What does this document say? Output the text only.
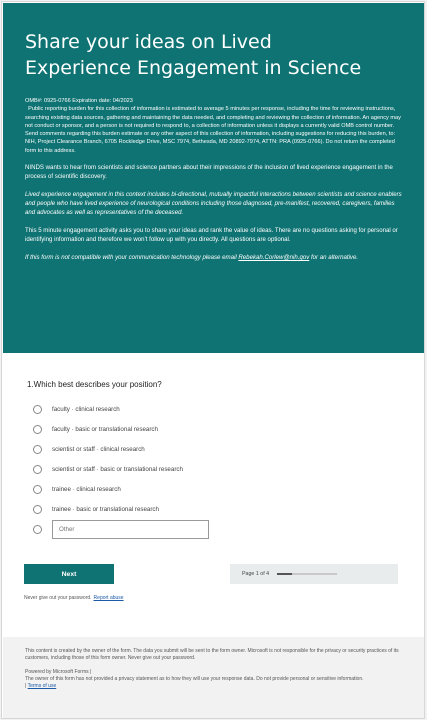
Share your ideas on Lived Experience Engagement in Science
OMB#: 0925-0766 Expiration date: 04/2023
Public reporting burden for this collection of information is estimated to average 5 minutes per response, including the time for reviewing instructions, searching existing data sources, gathering and maintaining the data needed, and completing and reviewing the collection of information. An agency may not conduct or sponsor, and a person is not required to respond to, a collection of information unless it displays a currently valid OMB control number. Send comments regarding this burden estimate or any other aspect of this collection of information, including suggestions for reducing this burden, to: NIH, Project Clearance Branch, 6705 Rockledge Drive, MSC 7974, Bethesda, MD 20892-7974, ATTN: PRA (0925-0766). Do not return the completed form to this address.

NINDS wants to hear from scientists and science partners about their impressions of the inclusion of lived experience engagement in the process of scientific discovery.

Lived experience engagement in this context includes bi-directional, mutually impactful interactions between scientists and science enablers and people who have lived experience of neurological conditions including those diagnosed, pre-manifest, recovered, caregivers, families and advocates as well as representatives of the deceased.

This 5 minute engagement activity asks you to share your ideas and rank the value of ideas. There are no questions asking for personal or identifying information and therefore we won't follow up with you directly. All questions are optional.

If this form is not compatible with your communication technology please email Rebekah.Corlew@nih.gov for an alternative.

1.Which best describes your position?
faculty · clinical research
faculty · basic or translational research
scientist or staff · clinical research
scientist or staff · basic or translational research
trainee · clinical research
trainee · basic or translational research
Other
Next	Page 1 of 4
Never give out your password. Report abuse
This content is created by the owner of the form. The data you submit will be sent to the form owner. Microsoft is not responsible for the privacy or security practices of its customers, including those of this form owner. Never give out your password.
Powered by Microsoft Forms |
The owner of this form has not provided a privacy statement as to how they will use your response data. Do not provide personal or sensitive information.
| Terms of use
